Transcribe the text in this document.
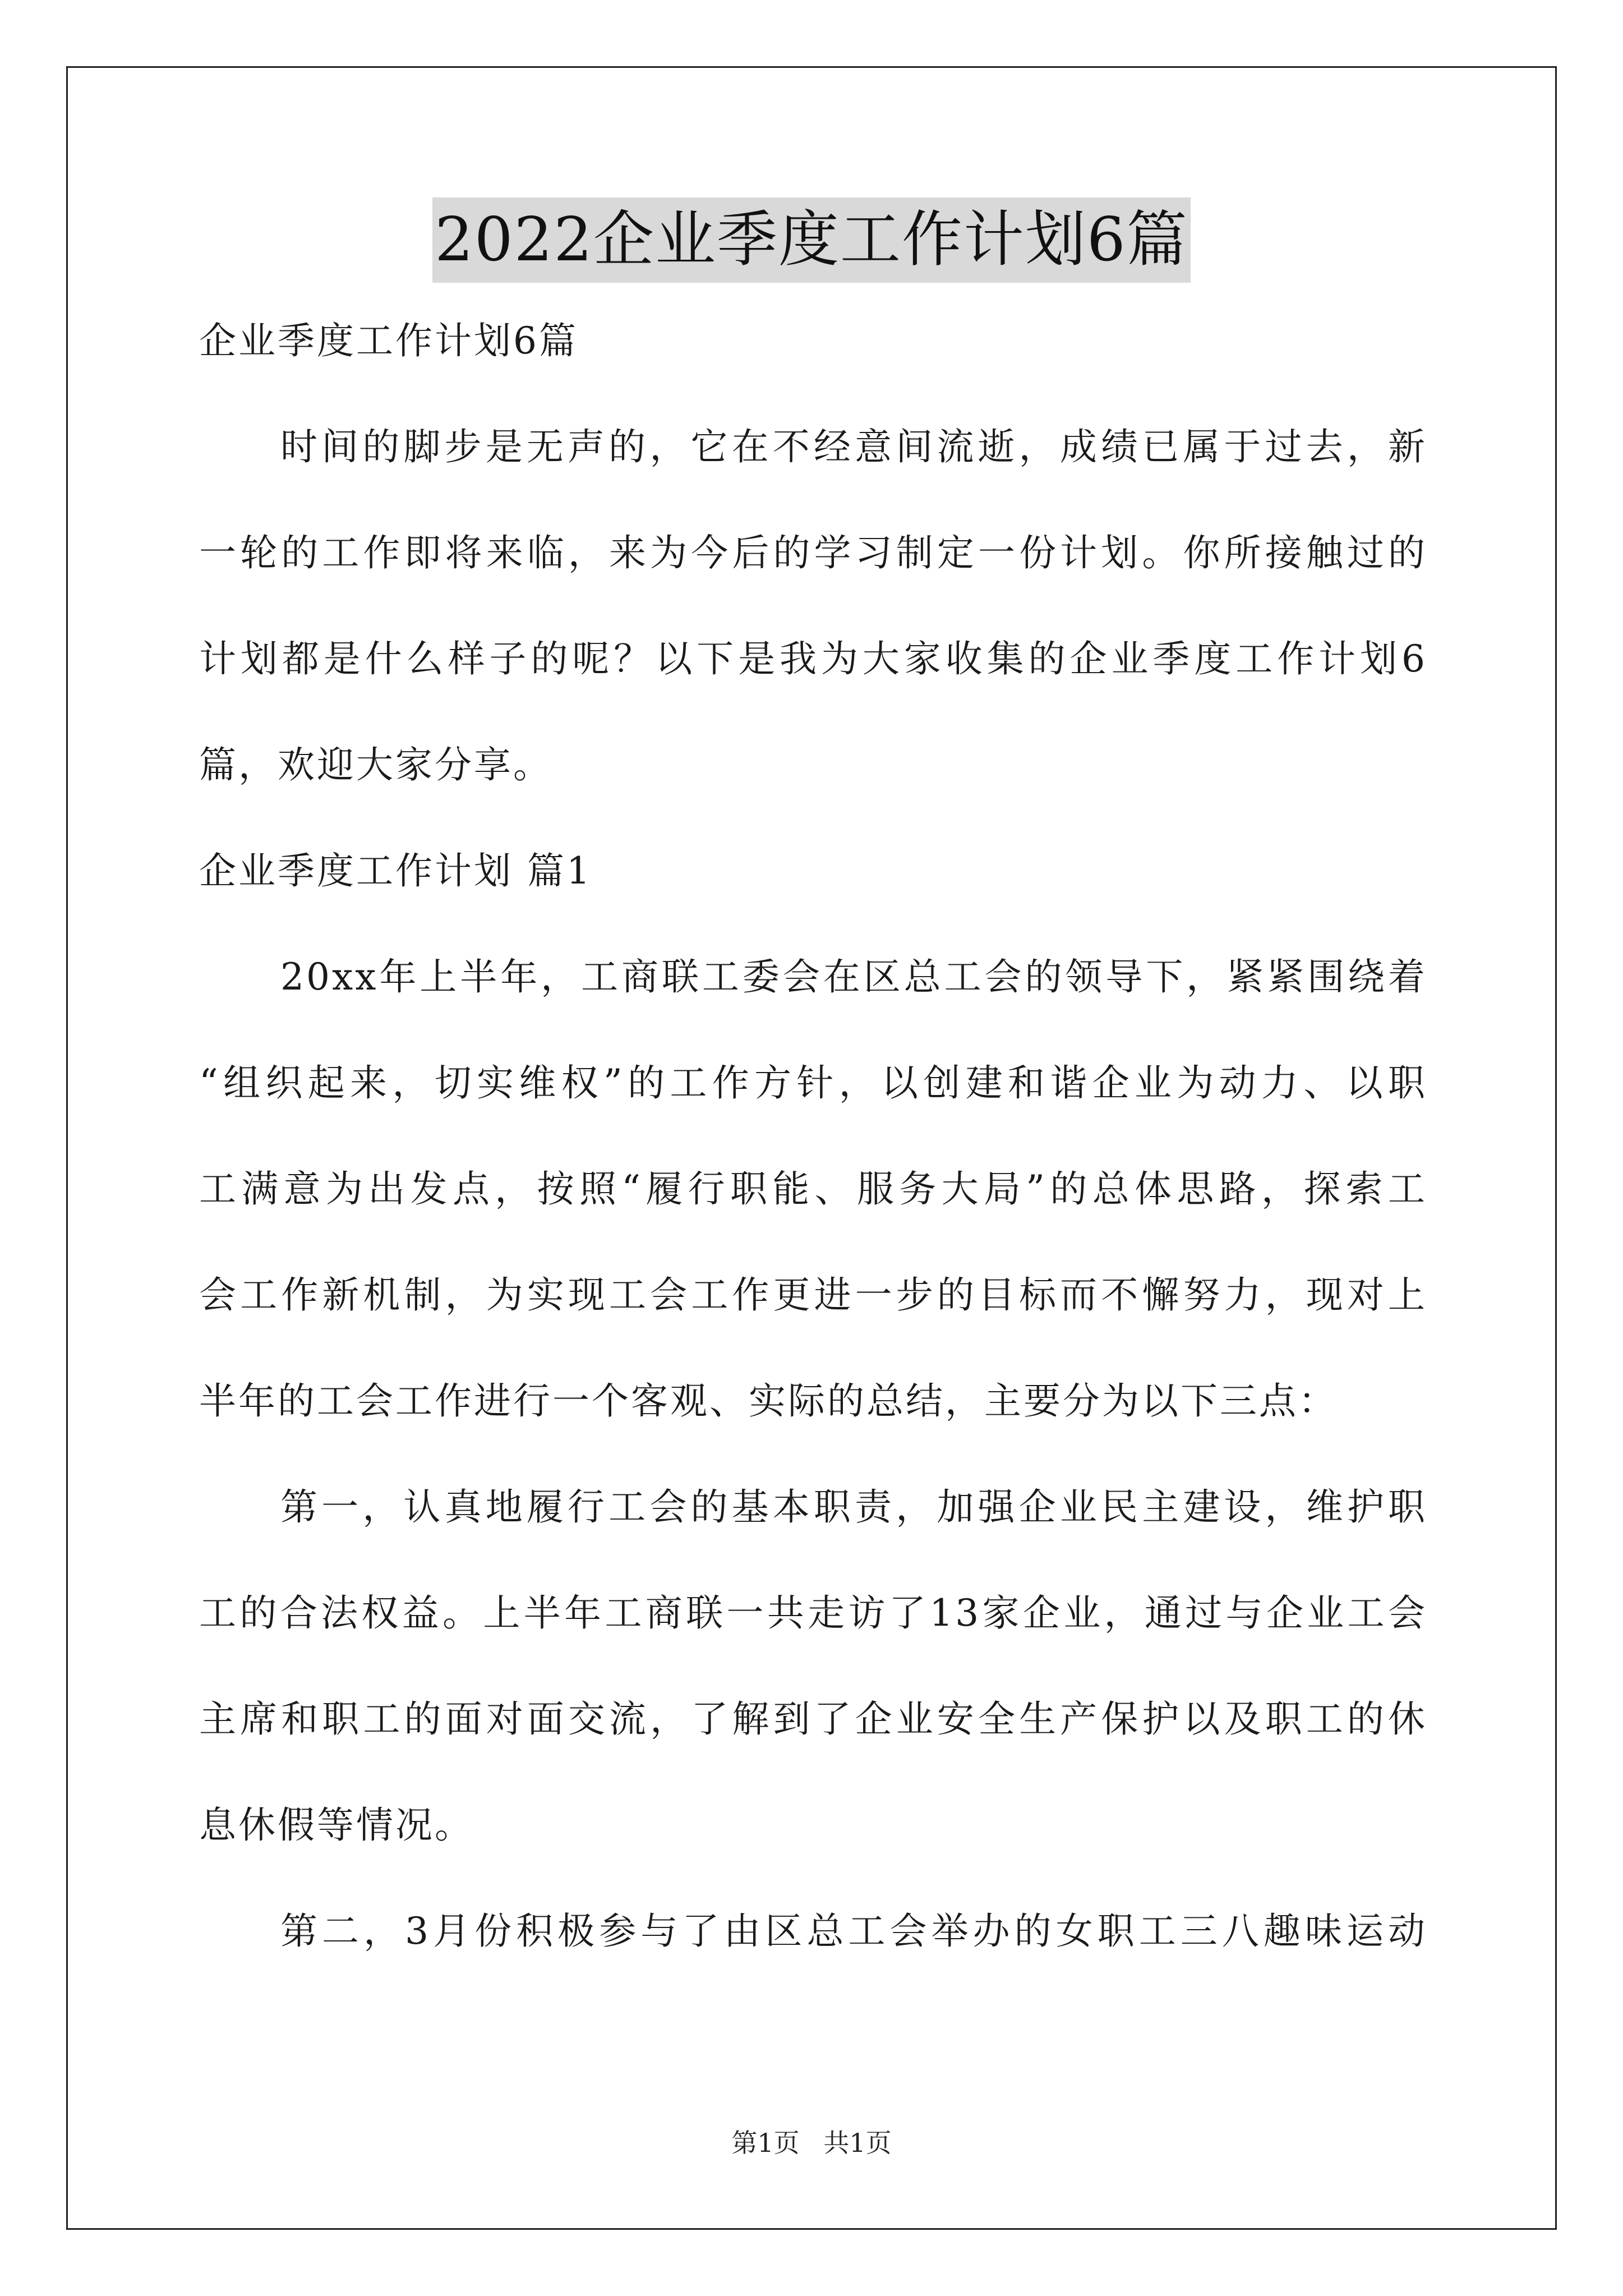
2022企业季度工作计划6篇
企业季度工作计划6篇
时间的脚步是无声的，它在不经意间流逝，成绩已属于过去，新
一轮的工作即将来临，来为今后的学习制定一份计划。你所接触过的
计划都是什么样子的呢？以下是我为大家收集的企业季度工作计划6
篇，欢迎大家分享。
企业季度工作计划 篇1
20xx年上半年，工商联工委会在区总工会的领导下，紧紧围绕着
“组织起来，切实维权”的工作方针，以创建和谐企业为动力、以职
工满意为出发点，按照“履行职能、服务大局”的总体思路，探索工
会工作新机制，为实现工会工作更进一步的目标而不懈努力，现对上
半年的工会工作进行一个客观、实际的总结，主要分为以下三点：
第一，认真地履行工会的基本职责，加强企业民主建设，维护职
工的合法权益。上半年工商联一共走访了13家企业，通过与企业工会
主席和职工的面对面交流，了解到了企业安全生产保护以及职工的休
息休假等情况。
第二，3月份积极参与了由区总工会举办的女职工三八趣味运动
第1页 共1页
